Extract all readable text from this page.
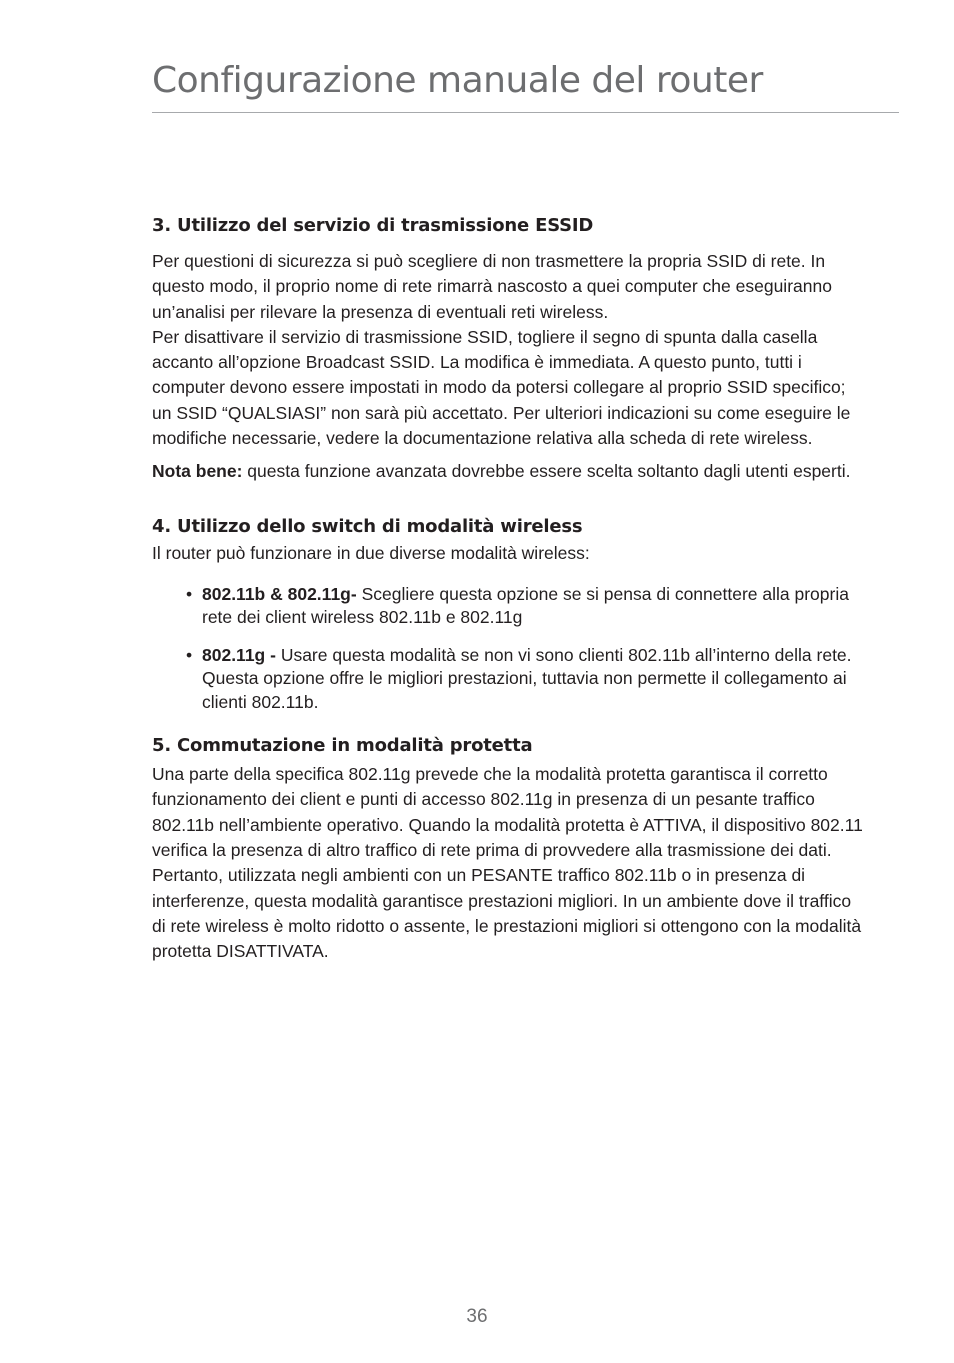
Configurazione manuale del router
3. Utilizzo del servizio di trasmissione ESSID

Per questioni di sicurezza si può scegliere di non trasmettere la propria SSID di rete. In questo modo, il proprio nome di rete rimarrà nascosto a quei computer che eseguiranno un’analisi per rilevare la presenza di eventuali reti wireless.

Per disattivare il servizio di trasmissione SSID, togliere il segno di spunta dalla casella accanto all’opzione Broadcast SSID. La modifica è immediata. A questo punto, tutti i computer devono essere impostati in modo da potersi collegare al proprio SSID specifico; un SSID “QUALSIASI” non sarà più accettato. Per ulteriori indicazioni su come eseguire le modifiche necessarie, vedere la documentazione relativa alla scheda di rete wireless.

Nota bene: questa funzione avanzata dovrebbe essere scelta soltanto dagli utenti esperti.

4. Utilizzo dello switch di modalità wireless

Il router può funzionare in due diverse modalità wireless:

• 802.11b & 802.11g- Scegliere questa opzione se si pensa di connettere alla propria rete dei client wireless 802.11b e 802.11g
• 802.11g - Usare questa modalità se non vi sono clienti 802.11b all’interno della rete. Questa opzione offre le migliori prestazioni, tuttavia non permette il collegamento ai clienti 802.11b.
5. Commutazione in modalità protetta

Una parte della specifica 802.11g prevede che la modalità protetta garantisca il corretto funzionamento dei client e punti di accesso 802.11g in presenza di un pesante traffico 802.11b nell’ambiente operativo. Quando la modalità protetta è ATTIVA, il dispositivo 802.11 verifica la presenza di altro traffico di rete prima di provvedere alla trasmissione dei dati. Pertanto, utilizzata negli ambienti con un PESANTE traffico 802.11b o in presenza di interferenze, questa modalità garantisce prestazioni migliori. In un ambiente dove il traffico di rete wireless è molto ridotto o assente, le prestazioni migliori si ottengono con la modalità protetta DISATTIVATA.

36
